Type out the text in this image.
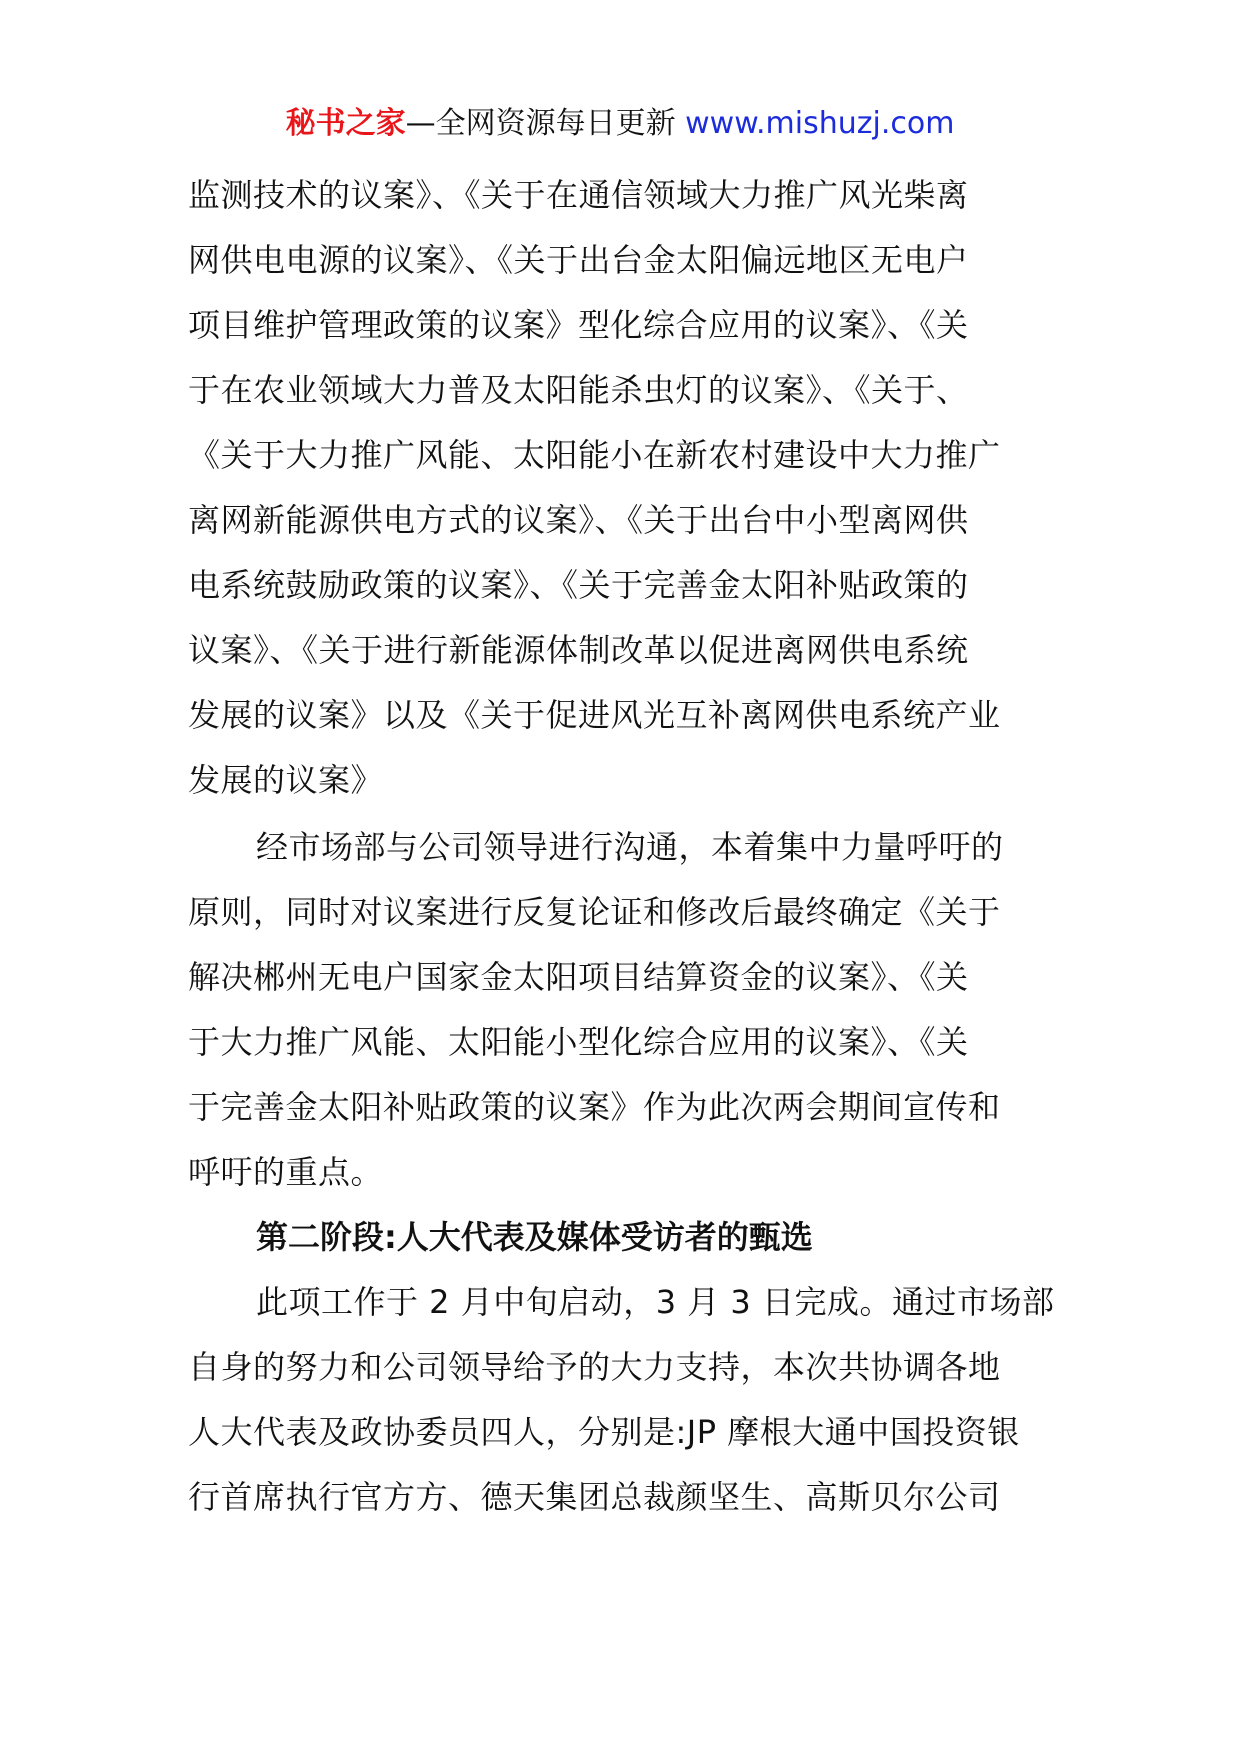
秘书之家—全网资源每日更新 www.mishuzj.com

监测技术的议案》、《关于在通信领域大力推广风光柴离
网供电电源的议案》、《关于出台金太阳偏远地区无电户
项目维护管理政策的议案》型化综合应用的议案》、《关
于在农业领域大力普及太阳能杀虫灯的议案》、《关于、
《关于大力推广风能、太阳能小在新农村建设中大力推广
离网新能源供电方式的议案》、《关于出台中小型离网供
电系统鼓励政策的议案》、《关于完善金太阳补贴政策的
议案》、《关于进行新能源体制改革以促进离网供电系统
发展的议案》以及《关于促进风光互补离网供电系统产业
发展的议案》

经市场部与公司领导进行沟通，本着集中力量呼吁的
原则，同时对议案进行反复论证和修改后最终确定《关于
解决郴州无电户国家金太阳项目结算资金的议案》、《关
于大力推广风能、太阳能小型化综合应用的议案》、《关
于完善金太阳补贴政策的议案》作为此次两会期间宣传和
呼吁的重点。

第二阶段:人大代表及媒体受访者的甄选

此项工作于 2 月中旬启动，3 月 3 日完成。通过市场部
自身的努力和公司领导给予的大力支持，本次共协调各地
人大代表及政协委员四人，分别是:JP 摩根大通中国投资银
行首席执行官方方、德天集团总裁颜坚生、高斯贝尔公司
